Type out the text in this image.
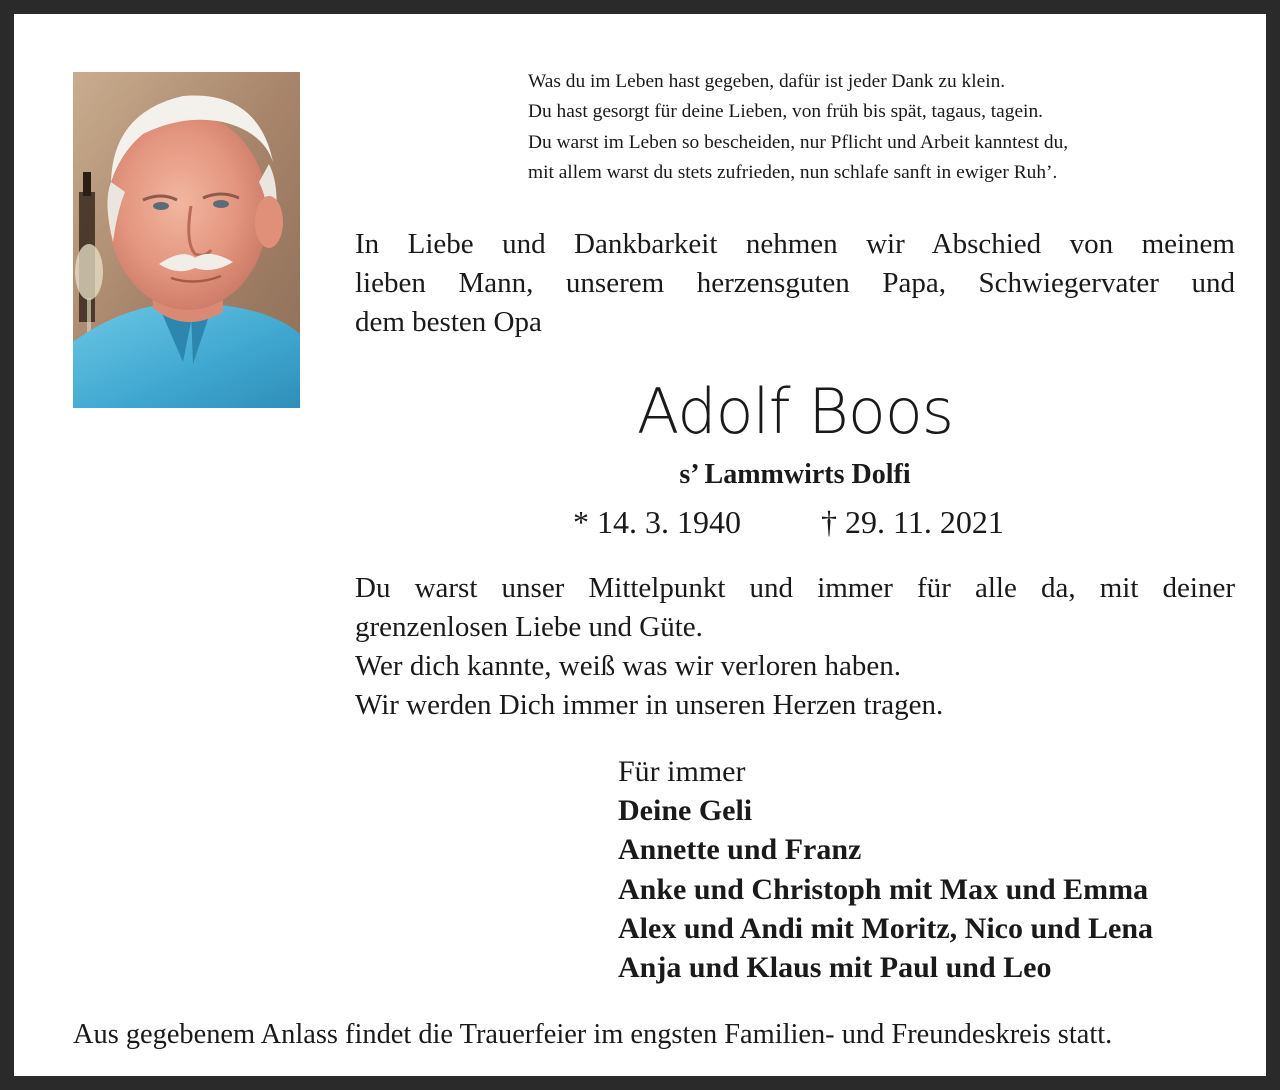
Was du im Leben hast gegeben, dafür ist jeder Dank zu klein.
Du hast gesorgt für deine Lieben, von früh bis spät, tagaus, tagein.
Du warst im Leben so bescheiden, nur Pflicht und Arbeit kanntest du,
mit allem warst du stets zufrieden, nun schlafe sanft in ewiger Ruh’.
In Liebe und Dankbarkeit nehmen wir Abschied von meinem
lieben Mann, unserem herzensguten Papa, Schwiegervater und
dem besten Opa
Adolf Boos
s’ Lammwirts Dolfi
* 14. 3. 1940	† 29. 11. 2021
Du warst unser Mittelpunkt und immer für alle da, mit deiner
grenzenlosen Liebe und Güte.
Wer dich kannte, weiß was wir verloren haben.
Wir werden Dich immer in unseren Herzen tragen.
Für immer
Deine Geli
Annette und Franz
Anke und Christoph mit Max und Emma
Alex und Andi mit Moritz, Nico und Lena
Anja und Klaus mit Paul und Leo
Aus gegebenem Anlass findet die Trauerfeier im engsten Familien- und Freundeskreis statt.
